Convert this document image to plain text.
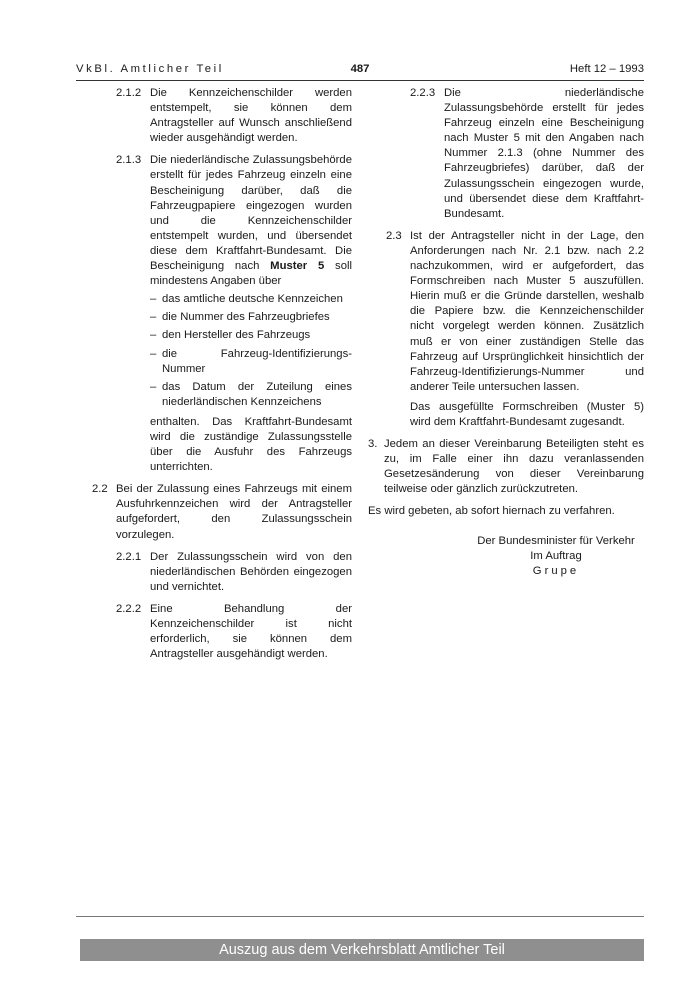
VkBl. Amtlicher Teil	487	Heft 12 – 1993
2.1.2 Die Kennzeichenschilder werden entstempelt, sie können dem Antragsteller auf Wunsch anschließend wieder ausgehändigt werden.
2.1.3 Die niederländische Zulassungsbehörde erstellt für jedes Fahrzeug einzeln eine Bescheinigung darüber, daß die Fahrzeugpapiere eingezogen wurden und die Kennzeichenschilder entstempelt wurden, und übersendet diese dem Kraftfahrt-Bundesamt. Die Bescheinigung nach Muster 5 soll mindestens Angaben über
– das amtliche deutsche Kennzeichen
– die Nummer des Fahrzeugbriefes
– den Hersteller des Fahrzeugs
– die Fahrzeug-Identifizierungs-Nummer
– das Datum der Zuteilung eines niederländischen Kennzeichens
enthalten. Das Kraftfahrt-Bundesamt wird die zuständige Zulassungsstelle über die Ausfuhr des Fahrzeugs unterrichten.
2.2 Bei der Zulassung eines Fahrzeugs mit einem Ausfuhrkennzeichen wird der Antragsteller aufgefordert, den Zulassungsschein vorzulegen.
2.2.1 Der Zulassungsschein wird von den niederländischen Behörden eingezogen und vernichtet.
2.2.2 Eine Behandlung der Kennzeichenschilder ist nicht erforderlich, sie können dem Antragsteller ausgehändigt werden.
2.2.3 Die niederländische Zulassungsbehörde erstellt für jedes Fahrzeug einzeln eine Bescheinigung nach Muster 5 mit den Angaben nach Nummer 2.1.3 (ohne Nummer des Fahrzeugbriefes) darüber, daß der Zulassungsschein eingezogen wurde, und übersendet diese dem Kraftfahrt-Bundesamt.
2.3 Ist der Antragsteller nicht in der Lage, den Anforderungen nach Nr. 2.1 bzw. nach 2.2 nachzukommen, wird er aufgefordert, das Formschreiben nach Muster 5 auszufüllen. Hierin muß er die Gründe darstellen, weshalb die Papiere bzw. die Kennzeichenschilder nicht vorgelegt werden können. Zusätzlich muß er von einer zuständigen Stelle das Fahrzeug auf Ursprünglichkeit hinsichtlich der Fahrzeug-Identifizierungs-Nummer und anderer Teile untersuchen lassen.
Das ausgefüllte Formschreiben (Muster 5) wird dem Kraftfahrt-Bundesamt zugesandt.
3. Jedem an dieser Vereinbarung Beteiligten steht es zu, im Falle einer ihn dazu veranlassenden Gesetzesänderung von dieser Vereinbarung teilweise oder gänzlich zurückzutreten.
Es wird gebeten, ab sofort hiernach zu verfahren.
Der Bundesminister für Verkehr
Im Auftrag
Grupe
Auszug aus dem Verkehrsblatt Amtlicher Teil
